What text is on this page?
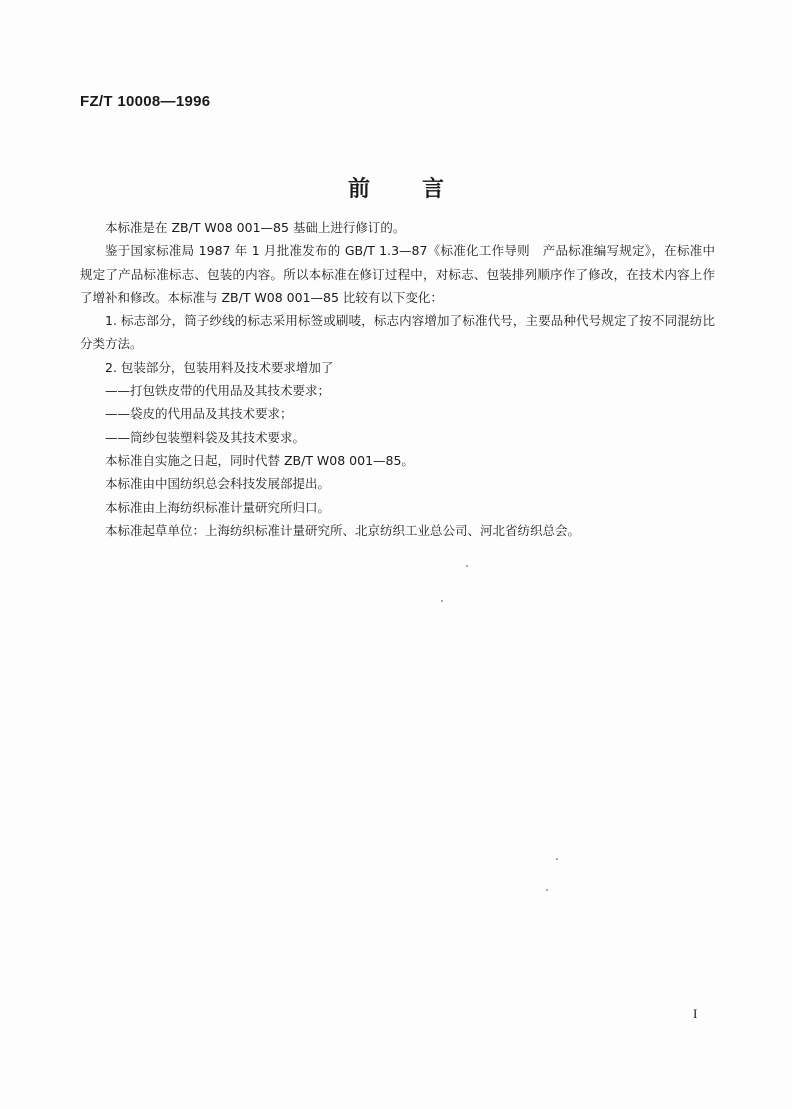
FZ/T 10008—1996
前言

本标准是在 ZB/T W08 001—85 基础上进行修订的。

鉴于国家标准局 1987 年 1 月批准发布的 GB/T 1.3—87《标准化工作导则　产品标准编写规定》，在标准中规定了产品标准标志、包装的内容。所以本标准在修订过程中，对标志、包装排列顺序作了修改，在技术内容上作了增补和修改。本标准与 ZB/T W08 001—85 比较有以下变化：

1. 标志部分，筒子纱线的标志采用标签或刷唛，标志内容增加了标准代号，主要品种代号规定了按不同混纺比分类方法。

2. 包装部分，包装用料及技术要求增加了

——打包铁皮带的代用品及其技术要求；

——袋皮的代用品及其技术要求；

——筒纱包装塑料袋及其技术要求。

本标准自实施之日起，同时代替 ZB/T W08 001—85。

本标准由中国纺织总会科技发展部提出。

本标准由上海纺织标准计量研究所归口。

本标准起草单位：上海纺织标准计量研究所、北京纺织工业总公司、河北省纺织总会。

I
